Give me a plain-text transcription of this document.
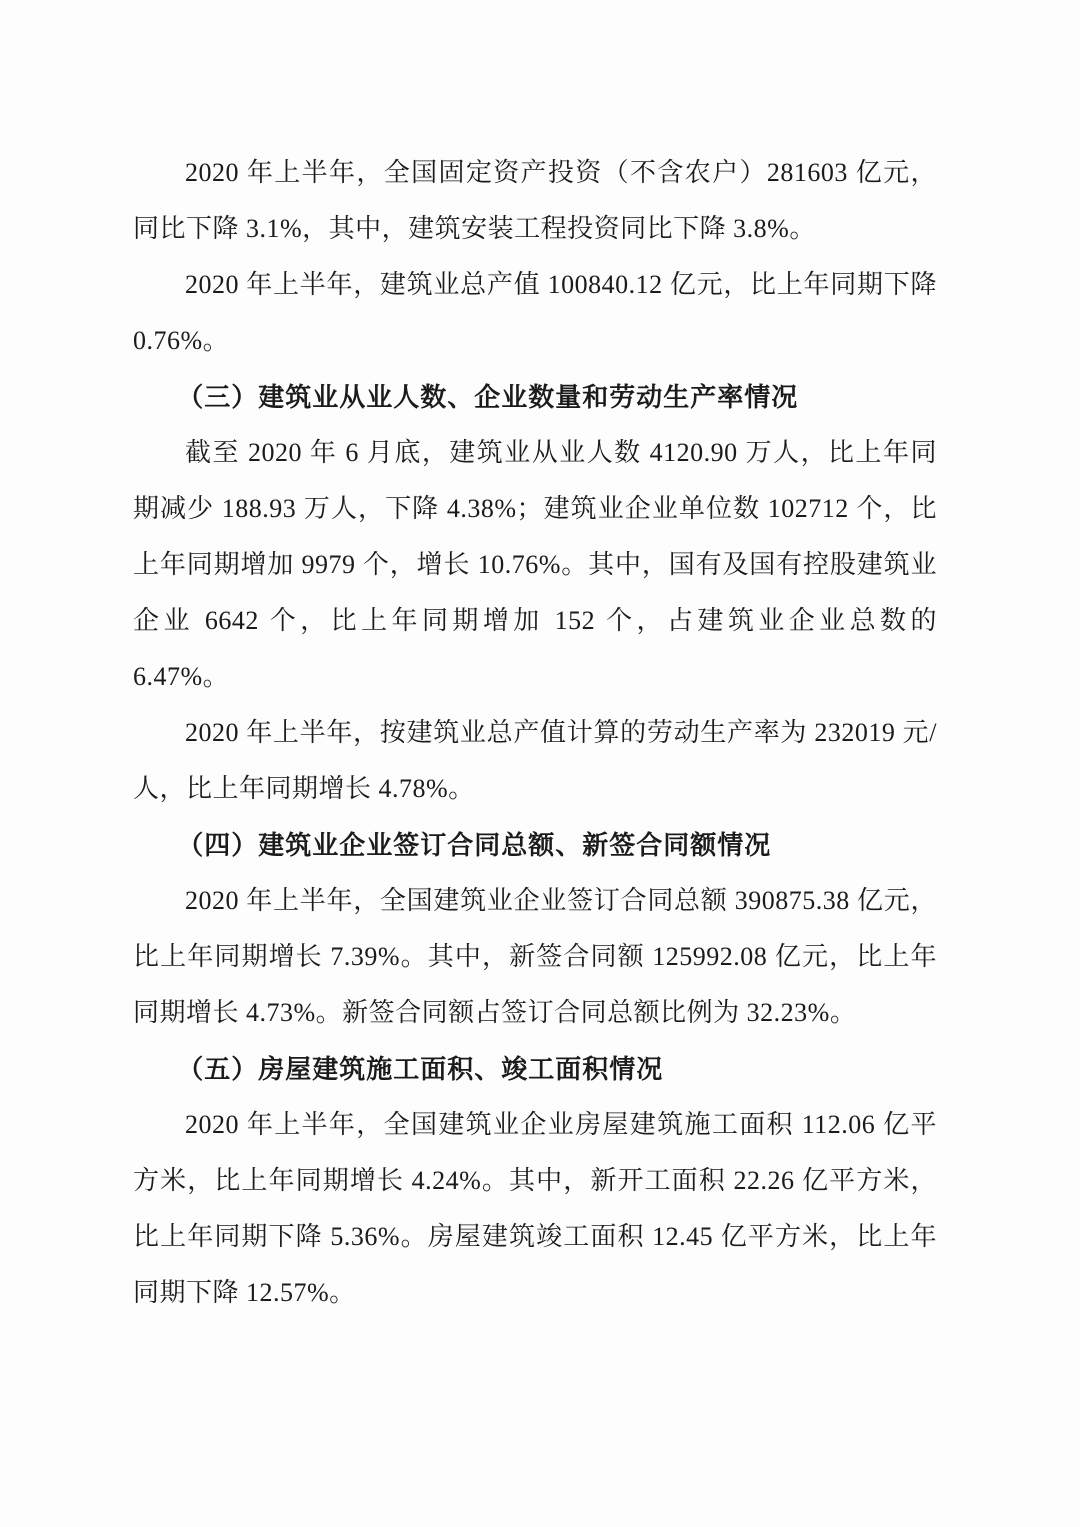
2020 年上半年，全国固定资产投资（不含农户）281603 亿元，同比下降 3.1%，其中，建筑安装工程投资同比下降 3.8%。

2020 年上半年，建筑业总产值 100840.12 亿元，比上年同期下降 0.76%。

（三）建筑业从业人数、企业数量和劳动生产率情况

截至 2020 年 6 月底，建筑业从业人数 4120.90 万人，比上年同期减少 188.93 万人，下降 4.38%；建筑业企业单位数 102712 个，比上年同期增加 9979 个，增长 10.76%。其中，国有及国有控股建筑业企业 6642 个，比上年同期增加 152 个，占建筑业企业总数的 6.47%。

2020 年上半年，按建筑业总产值计算的劳动生产率为 232019 元/人，比上年同期增长 4.78%。

（四）建筑业企业签订合同总额、新签合同额情况

2020 年上半年，全国建筑业企业签订合同总额 390875.38 亿元，比上年同期增长 7.39%。其中，新签合同额 125992.08 亿元，比上年同期增长 4.73%。新签合同额占签订合同总额比例为 32.23%。

（五）房屋建筑施工面积、竣工面积情况

2020 年上半年，全国建筑业企业房屋建筑施工面积 112.06 亿平方米，比上年同期增长 4.24%。其中，新开工面积 22.26 亿平方米，比上年同期下降 5.36%。房屋建筑竣工面积 12.45 亿平方米，比上年同期下降 12.57%。
